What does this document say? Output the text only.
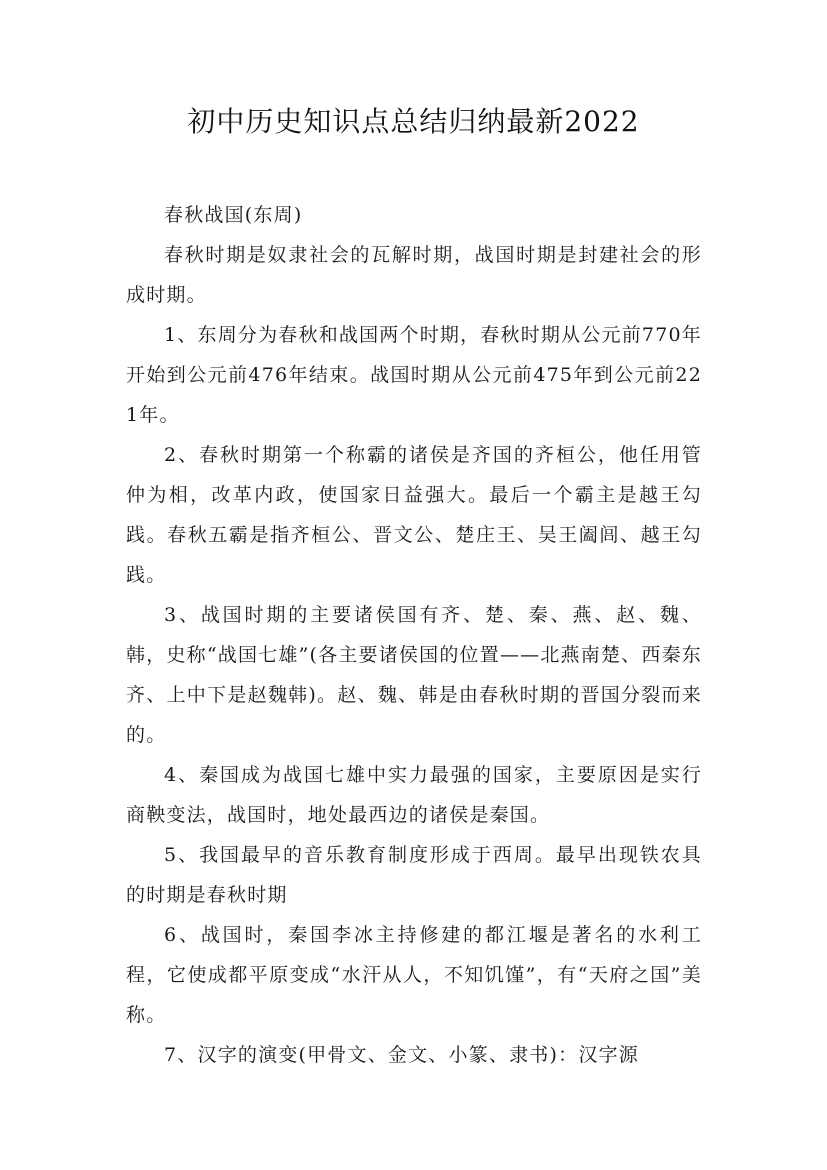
初中历史知识点总结归纳最新2022

春秋战国(东周)

春秋时期是奴隶社会的瓦解时期，战国时期是封建社会的形成时期。

1、东周分为春秋和战国两个时期，春秋时期从公元前770年开始到公元前476年结束。战国时期从公元前475年到公元前221年。

2、春秋时期第一个称霸的诸侯是齐国的齐桓公，他任用管仲为相，改革内政，使国家日益强大。最后一个霸主是越王勾践。春秋五霸是指齐桓公、晋文公、楚庄王、吴王阖闾、越王勾践。

3、战国时期的主要诸侯国有齐、楚、秦、燕、赵、魏、韩，史称“战国七雄”(各主要诸侯国的位置——北燕南楚、西秦东齐、上中下是赵魏韩)。赵、魏、韩是由春秋时期的晋国分裂而来的。

4、秦国成为战国七雄中实力最强的国家，主要原因是实行商鞅变法，战国时，地处最西边的诸侯是秦国。

5、我国最早的音乐教育制度形成于西周。最早出现铁农具的时期是春秋时期

6、战国时，秦国李冰主持修建的都江堰是著名的水利工程，它使成都平原变成“水汗从人，不知饥馑”，有“天府之国”美称。

7、汉字的演变(甲骨文、金文、小篆、隶书)：汉字源
